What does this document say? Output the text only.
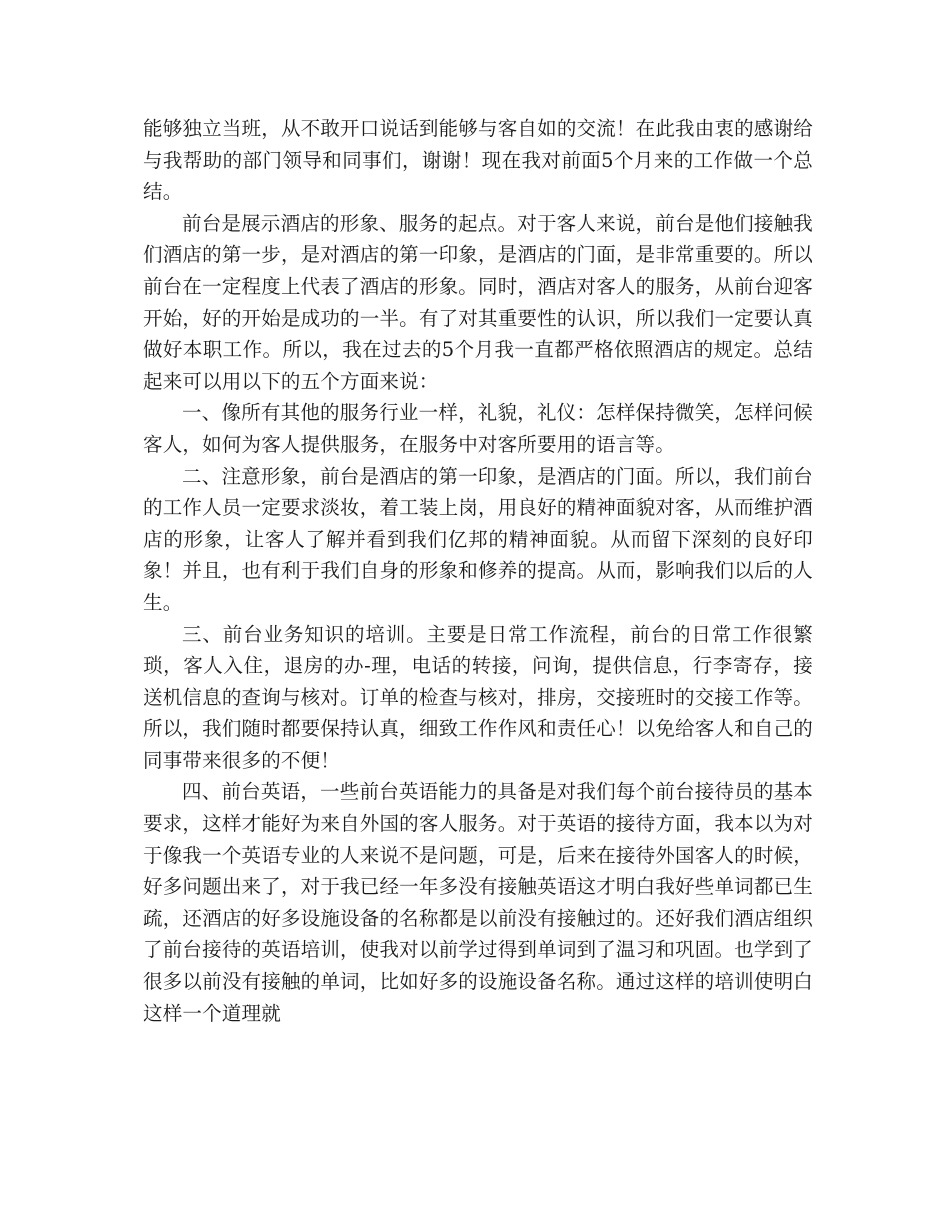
能够独立当班，从不敢开口说话到能够与客自如的交流！在此我由衷的感谢给与我帮助的部门领导和同事们，谢谢！现在我对前面5个月来的工作做一个总结。

前台是展示酒店的形象、服务的起点。对于客人来说，前台是他们接触我们酒店的第一步，是对酒店的第一印象，是酒店的门面，是非常重要的。所以前台在一定程度上代表了酒店的形象。同时，酒店对客人的服务，从前台迎客开始，好的开始是成功的一半。有了对其重要性的认识，所以我们一定要认真做好本职工作。所以，我在过去的5个月我一直都严格依照酒店的规定。总结起来可以用以下的五个方面来说：

一、像所有其他的服务行业一样，礼貌，礼仪：怎样保持微笑，怎样问候客人，如何为客人提供服务，在服务中对客所要用的语言等。

二、注意形象，前台是酒店的第一印象，是酒店的门面。所以，我们前台的工作人员一定要求淡妆，着工装上岗，用良好的精神面貌对客，从而维护酒店的形象，让客人了解并看到我们亿邦的精神面貌。从而留下深刻的良好印象！并且，也有利于我们自身的形象和修养的提高。从而，影响我们以后的人生。

三、前台业务知识的培训。主要是日常工作流程，前台的日常工作很繁琐，客人入住，退房的办-理，电话的转接，问询，提供信息，行李寄存，接送机信息的查询与核对。订单的检查与核对，排房，交接班时的交接工作等。所以，我们随时都要保持认真，细致工作作风和责任心！以免给客人和自己的同事带来很多的不便！

四、前台英语，一些前台英语能力的具备是对我们每个前台接待员的基本要求，这样才能好为来自外国的客人服务。对于英语的接待方面，我本以为对于像我一个英语专业的人来说不是问题，可是，后来在接待外国客人的时候，好多问题出来了，对于我已经一年多没有接触英语这才明白我好些单词都已生疏，还酒店的好多设施设备的名称都是以前没有接触过的。还好我们酒店组织了前台接待的英语培训，使我对以前学过得到单词到了温习和巩固。也学到了很多以前没有接触的单词，比如好多的设施设备名称。通过这样的培训使明白这样一个道理就
